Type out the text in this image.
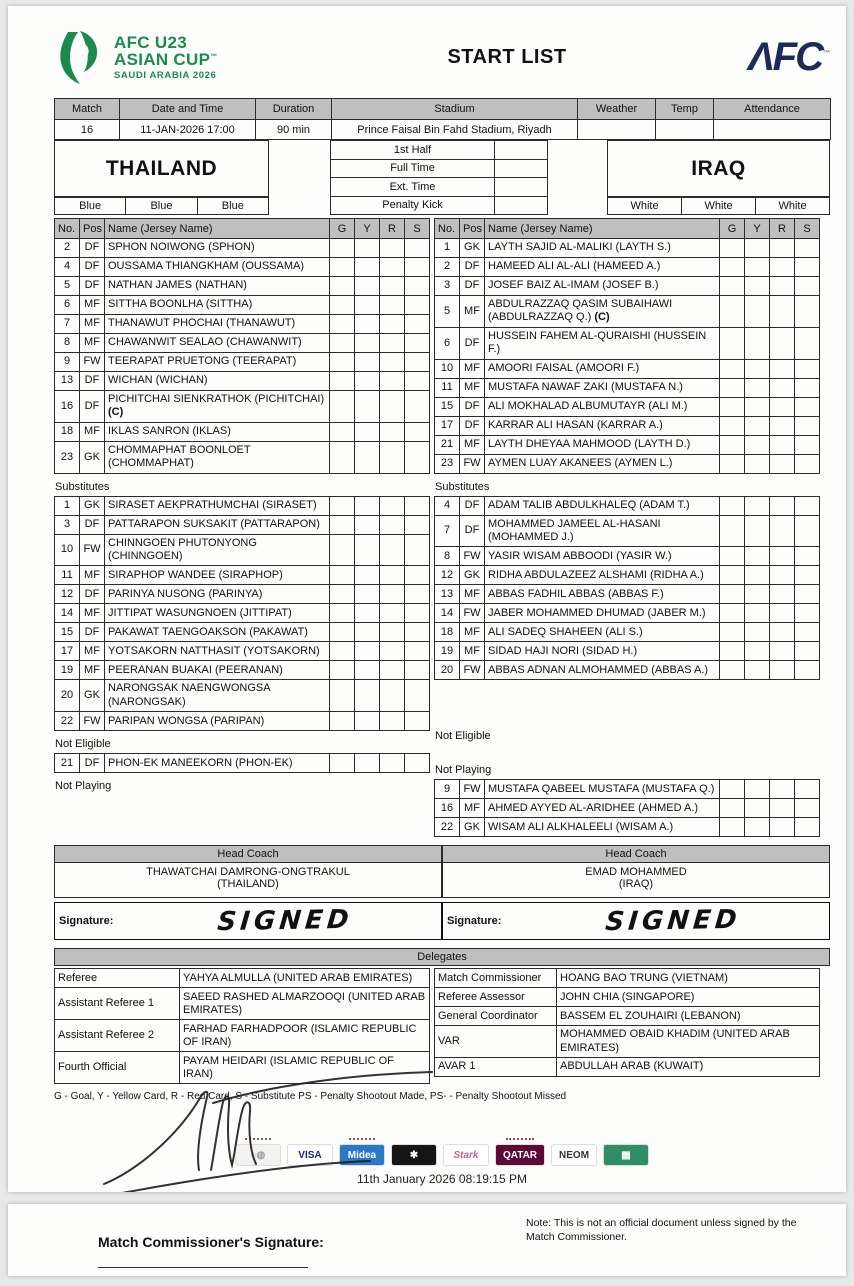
AFC U23
ASIAN CUP™
SAUDI ARABIA 2026
START LIST	ΛFC™
Match	Date and Time	Duration	Stadium	Weather	Temp	Attendance
16	11-JAN-2026 17:00	90 min	Prince Faisal Bin Fahd Stadium, Riyadh			
THAILAND
1st Half
Full Time
Ext. Time
Penalty Kick
IRAQ
Blue	Blue	Blue	White	White	White
No.	Pos	Name (Jersey Name)	G	Y	R	S
2	DF	SPHON NOIWONG (SPHON)				
4	DF	OUSSAMA THIANGKHAM (OUSSAMA)				
5	DF	NATHAN JAMES (NATHAN)				
6	MF	SITTHA BOONLHA (SITTHA)				
7	MF	THANAWUT PHOCHAI (THANAWUT)				
8	MF	CHAWANWIT SEALAO (CHAWANWIT)				
9	FW	TEERAPAT PRUETONG (TEERAPAT)				
13	DF	WICHAN (WICHAN)				
16	DF	PICHITCHAI SIENKRATHOK (PICHITCHAI) (C)				
18	MF	IKLAS SANRON (IKLAS)				
23	GK	CHOMMAPHAT BOONLOET (CHOMMAPHAT)				
Substitutes
1	GK	SIRASET AEKPRATHUMCHAI (SIRASET)				
3	DF	PATTARAPON SUKSAKIT (PATTARAPON)				
10	FW	CHINNGOEN PHUTONYONG (CHINNGOEN)				
11	MF	SIRAPHOP WANDEE (SIRAPHOP)				
12	DF	PARINYA NUSONG (PARINYA)				
14	MF	JITTIPAT WASUNGNOEN (JITTIPAT)				
15	DF	PAKAWAT TAENGOAKSON (PAKAWAT)				
17	MF	YOTSAKORN NATTHASIT (YOTSAKORN)				
19	MF	PEERANAN BUAKAI (PEERANAN)				
20	GK	NARONGSAK NAENGWONGSA (NARONGSAK)				
22	FW	PARIPAN WONGSA (PARIPAN)				
Not Eligible
21	DF	PHON-EK MANEEKORN (PHON-EK)				
Not Playing
No.	Pos	Name (Jersey Name)	G	Y	R	S
1	GK	LAYTH SAJID AL-MALIKI (LAYTH S.)				
2	DF	HAMEED ALI AL-ALI (HAMEED A.)				
3	DF	JOSEF BAIZ AL-IMAM (JOSEF B.)				
5	MF	ABDULRAZZAQ QASIM SUBAIHAWI (ABDULRAZZAQ Q.) (C)				
6	DF	HUSSEIN FAHEM AL-QURAISHI (HUSSEIN F.)				
10	MF	AMOORI FAISAL (AMOORI F.)				
11	MF	MUSTAFA NAWAF ZAKI (MUSTAFA N.)				
15	DF	ALI MOKHALAD ALBUMUTAYR (ALI M.)				
17	DF	KARRAR ALI HASAN (KARRAR A.)				
21	MF	LAYTH DHEYAA MAHMOOD (LAYTH D.)				
23	FW	AYMEN LUAY AKANEES (AYMEN L.)				
Substitutes
4	DF	ADAM TALIB ABDULKHALEQ (ADAM T.)				
7	DF	MOHAMMED JAMEEL AL-HASANI (MOHAMMED J.)				
8	FW	YASIR WISAM ABBOODI (YASIR W.)				
12	GK	RIDHA ABDULAZEEZ ALSHAMI (RIDHA A.)				
13	MF	ABBAS FADHIL ABBAS (ABBAS F.)				
14	FW	JABER MOHAMMED DHUMAD (JABER M.)				
18	MF	ALI SADEQ SHAHEEN (ALI S.)				
19	MF	SIDAD HAJI NORI (SIDAD H.)				
20	FW	ABBAS ADNAN ALMOHAMMED (ABBAS A.)				
Not Eligible
Not Playing
9	FW	MUSTAFA QABEEL MUSTAFA (MUSTAFA Q.)				
16	MF	AHMED AYYED AL-ARIDHEE (AHMED A.)				
22	GK	WISAM ALI ALKHALEELI (WISAM A.)				
Head Coach
THAWATCHAI DAMRONG-ONGTRAKUL
(THAILAND)
Signature:	SIGNED
Head Coach
EMAD MOHAMMED
(IRAQ)
Signature:	SIGNED
Delegates
Referee	YAHYA ALMULLA (UNITED ARAB EMIRATES)
Assistant Referee 1	SAEED RASHED ALMARZOOQI (UNITED ARAB EMIRATES)
Assistant Referee 2	FARHAD FARHADPOOR (ISLAMIC REPUBLIC OF IRAN)
Fourth Official	PAYAM HEIDARI (ISLAMIC REPUBLIC OF IRAN)
Match Commissioner	HOANG BAO TRUNG (VIETNAM)
Referee Assessor	JOHN CHIA (SINGAPORE)
General Coordinator	BASSEM EL ZOUHAIRI (LEBANON)
VAR	MOHAMMED OBAID KHADIM (UNITED ARAB EMIRATES)
AVAR 1	ABDULLAH ARAB (KUWAIT)
G - Goal, Y - Yellow Card, R - Red Card, S - Substitute PS - Penalty Shootout Made, PS- - Penalty Shootout Missed
◌◍	VISA	Midea	✱	Stark	QATAR	NEOM	▦
11th January 2026 08:19:15 PM
Match Commissioner's Signature:
Note: This is not an official document unless signed by the Match Commissioner.
